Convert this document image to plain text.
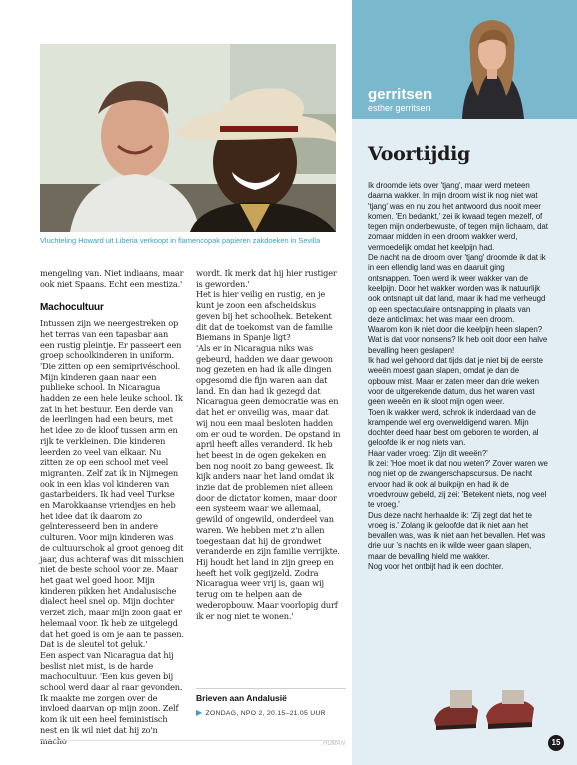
Vluchteling Howard uit Liberia verkoopt in flamencopak papieren zakdoeken in Sevilla

mengeling van. Niet indiaans, maar ook niet Spaans. Echt een mestiza.'

Machocultuur

Intussen zijn we neergestreken op het terras van een tapasbar aan een rustig pleintje. Er passeert een groep schoolkinderen in uniform. 'Die zitten op een semiprivéschool. Mijn kinderen gaan naar een publieke school. In Nicaragua hadden ze een hele leuke school. Ik zat in het bestuur. Een derde van de leerlingen had een beurs, met het idee zo de kloof tussen arm en rijk te verkleinen. Die kinderen leerden zo veel van elkaar. Nu zitten ze op een school met veel migranten. Zelf zat ik in Nijmegen ook in een klas vol kinderen van gastarbeiders. Ik had veel Turkse en Marokkaanse vriendjes en heb het idee dat ik daarom zo geïnteresseerd ben in andere culturen. Voor mijn kinderen was de cultuurschok al groot genoeg dit jaar, dus achteraf was dit misschien niet de beste school voor ze. Maar het gaat wel goed hoor. Mijn kinderen pikken het Andalusische dialect heel snel op. Mijn dochter verzet zich, maar mijn zoon gaat er helemaal voor. Ik heb ze uitgelegd dat het goed is om je aan te passen. Dat is de sleutel tot geluk.'

Een aspect van Nicaragua dat hij beslist niet mist, is de harde machocultuur. 'Een kus geven bij school werd daar al raar gevonden. Ik maakte me zorgen over de invloed daarvan op mijn zoon. Zelf kom ik uit een heel feministisch nest en ik wil niet dat hij zo'n

wordt. Ik merk dat hij hier rustiger is geworden.'

Het is hier veilig en rustig, en je kunt je zoon een afscheidskus geven bij het schoolhek. Betekent dit dat de toekomst van de familie Biemans in Spanje ligt?

'Als er in Nicaragua niks was gebeurd, hadden we daar gewoon nog gezeten en had ik alle dingen opgesomd die fijn waren aan dat land. En dan had ik gezegd dat Nicaragua geen democratie was en dat het er onveilig was, maar dat wij nou een maal besloten hadden om er oud te worden. De opstand in april heeft alles veranderd. Ik heb het beest in de ogen gekeken en ben nog nooit zo bang geweest. Ik kijk anders naar het land omdat ik inzie dat de problemen niet alleen door de dictator komen, maar door een systeem waar we allemaal, gewild of ongewild, onderdeel van waren. We hebben met z'n allen toegestaan dat hij de grondwet veranderde en zijn familie verrijkte. Hij houdt het land in zijn greep en heeft het volk gegijzeld. Zodra Nicaragua weer vrij is, gaan wij terug om te helpen aan de wederopbouw. Maar voorlopig durf ik er nog niet te wonen.'

Brieven aan Andalusië
▶ ZONDAG, NPO 2, 20.15–21.05 UUR
HUMAN
gerritsen
esther gerritsen
Voortijdig

Ik droomde iets over 'tjang', maar werd meteen daarna wakker. In mijn droom wist ik nog niet wat 'tjang' was en nu zou het antwoord dus nooit meer komen. 'En bedankt,' zei ik kwaad tegen mezelf, of tegen mijn onderbewuste, of tegen mijn lichaam, dat zomaar midden in een droom wakker werd, vermoedelijk omdat het keelpijn had.

De nacht na de droom over 'tjang' droomde ik dat ik in een ellendig land was en daaruit ging ontsnappen. Toen werd ik weer wakker van de keelpijn. Door het wakker worden was ik natuurlijk ook ontsnapt uit dat land, maar ik had me verheugd op een spectaculaire ontsnapping in plaats van deze anticlimax: het was maar een droom.

Waarom kon ik niet door die keelpijn heen slapen? Wat is dat voor nonsens? Ik heb ooit door een halve bevalling heen geslapen!

Ik had wel gehoord dat tijds dat je niet bij de eerste weeën moest gaan slapen, omdat je dan de opbouw mist. Maar er zaten meer dan drie weken voor de uitgerekende datum, dus het waren vast geen weeën en ik sloot mijn ogen weer.

Toen ik wakker werd, schrok ik inderdaad van de krampende wel erg overweldigend waren. Mijn dochter deed haar best om geboren te worden, al geloofde ik er nog niets van.

Haar vader vroeg: 'Zijn dit weeën?'

Ik zei: 'Hoe moet ik dat nou weten?' Zover waren we nog niet op de zwangerschapscursus. De nacht ervoor had ik ook al buikpijn en had ik de vroedvrouw gebeld, zij zei: 'Betekent niets, nog veel te vroeg.'

Dus deze nacht herhaalde ik: 'Zij zegt dat het te vroeg is.' Zolang ik geloofde dat ik niet aan het bevallen was, was ik niet aan het bevallen. Het was drie uur 's nachts en ik wilde weer gaan slapen, maar de bevalling hield me wakker.

Nog voor het ontbijt had ik een dochter.

15
